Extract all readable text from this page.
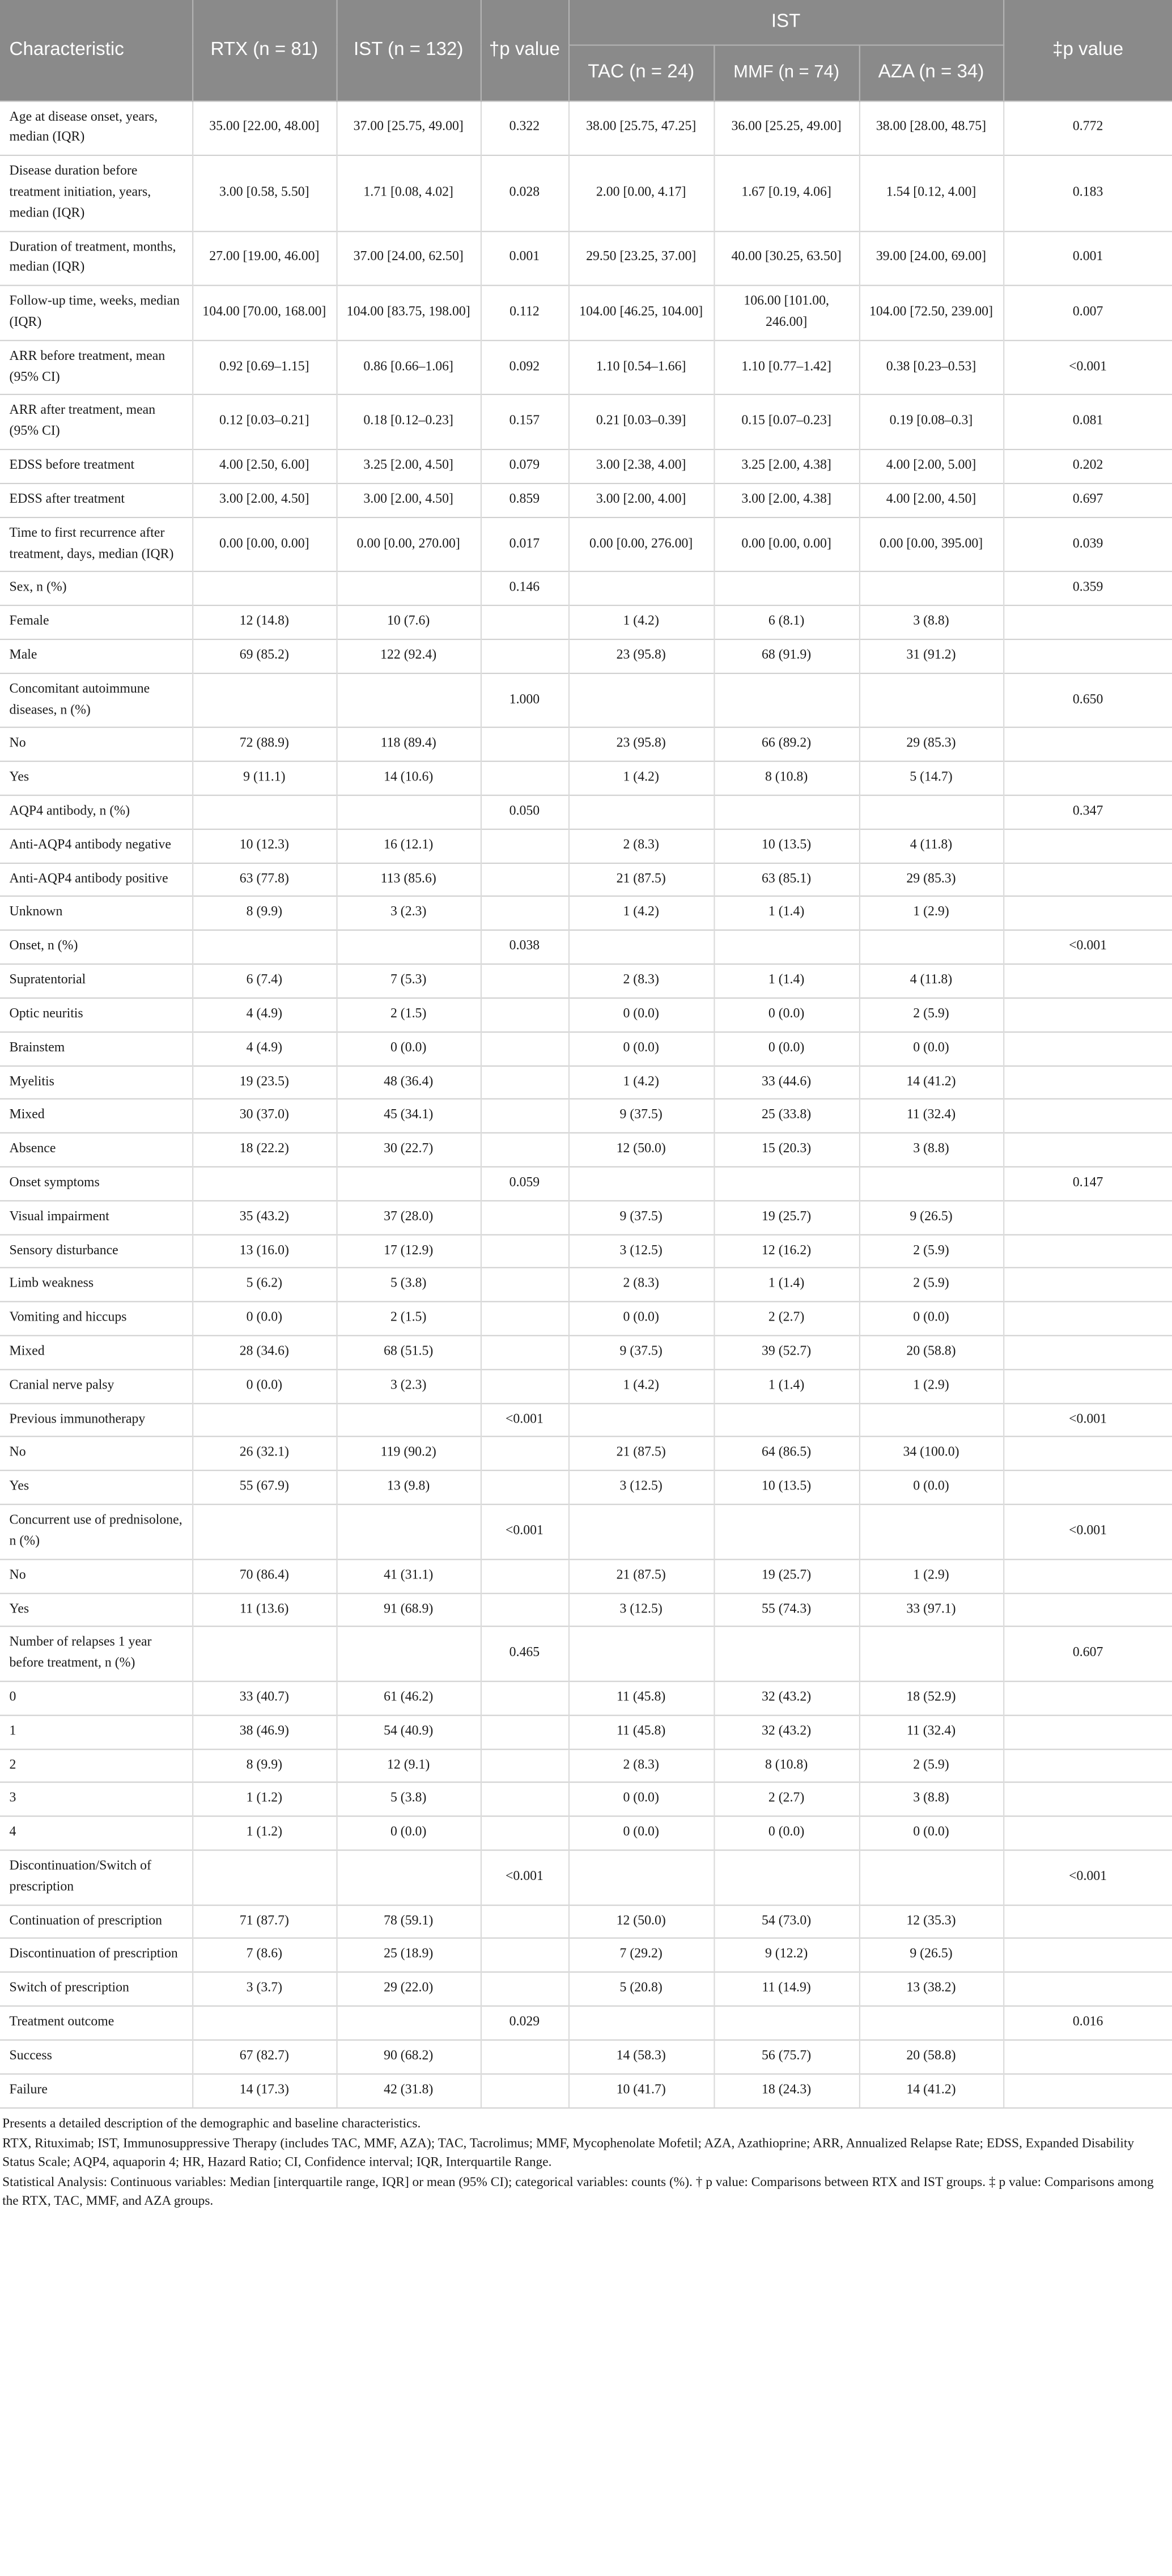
Characteristic	RTX (n = 81)	IST (n = 132)	†p value	IST			‡p value
				TAC (n = 24)	MMF (n = 74)	AZA (n = 34)	
Age at disease onset, years, median (IQR)	35.00 [22.00, 48.00]	37.00 [25.75, 49.00]	0.322	38.00 [25.75, 47.25]	36.00 [25.25, 49.00]	38.00 [28.00, 48.75]	0.772
Disease duration before treatment initiation, years, median (IQR)	3.00 [0.58, 5.50]	1.71 [0.08, 4.02]	0.028	2.00 [0.00, 4.17]	1.67 [0.19, 4.06]	1.54 [0.12, 4.00]	0.183
Duration of treatment, months, median (IQR)	27.00 [19.00, 46.00]	37.00 [24.00, 62.50]	0.001	29.50 [23.25, 37.00]	40.00 [30.25, 63.50]	39.00 [24.00, 69.00]	0.001
Follow-up time, weeks, median (IQR)	104.00 [70.00, 168.00]	104.00 [83.75, 198.00]	0.112	104.00 [46.25, 104.00]	106.00 [101.00, 246.00]	104.00 [72.50, 239.00]	0.007
ARR before treatment, mean (95% CI)	0.92 [0.69–1.15]	0.86 [0.66–1.06]	0.092	1.10 [0.54–1.66]	1.10 [0.77–1.42]	0.38 [0.23–0.53]	<0.001
ARR after treatment, mean (95% CI)	0.12 [0.03–0.21]	0.18 [0.12–0.23]	0.157	0.21 [0.03–0.39]	0.15 [0.07–0.23]	0.19 [0.08–0.3]	0.081
EDSS before treatment	4.00 [2.50, 6.00]	3.25 [2.00, 4.50]	0.079	3.00 [2.38, 4.00]	3.25 [2.00, 4.38]	4.00 [2.00, 5.00]	0.202
EDSS after treatment	3.00 [2.00, 4.50]	3.00 [2.00, 4.50]	0.859	3.00 [2.00, 4.00]	3.00 [2.00, 4.38]	4.00 [2.00, 4.50]	0.697
Time to first recurrence after treatment, days, median (IQR)	0.00 [0.00, 0.00]	0.00 [0.00, 270.00]	0.017	0.00 [0.00, 276.00]	0.00 [0.00, 0.00]	0.00 [0.00, 395.00]	0.039
Sex, n (%)			0.146				0.359
Female	12 (14.8)	10 (7.6)		1 (4.2)	6 (8.1)	3 (8.8)	
Male	69 (85.2)	122 (92.4)		23 (95.8)	68 (91.9)	31 (91.2)	
Concomitant autoimmune diseases, n (%)			1.000				0.650
No	72 (88.9)	118 (89.4)		23 (95.8)	66 (89.2)	29 (85.3)	
Yes	9 (11.1)	14 (10.6)		1 (4.2)	8 (10.8)	5 (14.7)	
AQP4 antibody, n (%)			0.050				0.347
Anti-AQP4 antibody negative	10 (12.3)	16 (12.1)		2 (8.3)	10 (13.5)	4 (11.8)	
Anti-AQP4 antibody positive	63 (77.8)	113 (85.6)		21 (87.5)	63 (85.1)	29 (85.3)	
Unknown	8 (9.9)	3 (2.3)		1 (4.2)	1 (1.4)	1 (2.9)	
Onset, n (%)			0.038				<0.001
Supratentorial	6 (7.4)	7 (5.3)		2 (8.3)	1 (1.4)	4 (11.8)	
Optic neuritis	4 (4.9)	2 (1.5)		0 (0.0)	0 (0.0)	2 (5.9)	
Brainstem	4 (4.9)	0 (0.0)		0 (0.0)	0 (0.0)	0 (0.0)	
Myelitis	19 (23.5)	48 (36.4)		1 (4.2)	33 (44.6)	14 (41.2)	
Mixed	30 (37.0)	45 (34.1)		9 (37.5)	25 (33.8)	11 (32.4)	
Absence	18 (22.2)	30 (22.7)		12 (50.0)	15 (20.3)	3 (8.8)	
Onset symptoms			0.059				0.147
Visual impairment	35 (43.2)	37 (28.0)		9 (37.5)	19 (25.7)	9 (26.5)	
Sensory disturbance	13 (16.0)	17 (12.9)		3 (12.5)	12 (16.2)	2 (5.9)	
Limb weakness	5 (6.2)	5 (3.8)		2 (8.3)	1 (1.4)	2 (5.9)	
Vomiting and hiccups	0 (0.0)	2 (1.5)		0 (0.0)	2 (2.7)	0 (0.0)	
Mixed	28 (34.6)	68 (51.5)		9 (37.5)	39 (52.7)	20 (58.8)	
Cranial nerve palsy	0 (0.0)	3 (2.3)		1 (4.2)	1 (1.4)	1 (2.9)	
Previous immunotherapy			<0.001				<0.001
No	26 (32.1)	119 (90.2)		21 (87.5)	64 (86.5)	34 (100.0)	
Yes	55 (67.9)	13 (9.8)		3 (12.5)	10 (13.5)	0 (0.0)	
Concurrent use of prednisolone, n (%)			<0.001				<0.001
No	70 (86.4)	41 (31.1)		21 (87.5)	19 (25.7)	1 (2.9)	
Yes	11 (13.6)	91 (68.9)		3 (12.5)	55 (74.3)	33 (97.1)	
Number of relapses 1 year before treatment, n (%)			0.465				0.607
0	33 (40.7)	61 (46.2)		11 (45.8)	32 (43.2)	18 (52.9)	
1	38 (46.9)	54 (40.9)		11 (45.8)	32 (43.2)	11 (32.4)	
2	8 (9.9)	12 (9.1)		2 (8.3)	8 (10.8)	2 (5.9)	
3	1 (1.2)	5 (3.8)		0 (0.0)	2 (2.7)	3 (8.8)	
4	1 (1.2)	0 (0.0)		0 (0.0)	0 (0.0)	0 (0.0)	
Discontinuation/Switch of prescription			<0.001				<0.001
Continuation of prescription	71 (87.7)	78 (59.1)		12 (50.0)	54 (73.0)	12 (35.3)	
Discontinuation of prescription	7 (8.6)	25 (18.9)		7 (29.2)	9 (12.2)	9 (26.5)	
Switch of prescription	3 (3.7)	29 (22.0)		5 (20.8)	11 (14.9)	13 (38.2)	
Treatment outcome			0.029				0.016
Success	67 (82.7)	90 (68.2)		14 (58.3)	56 (75.7)	20 (58.8)	
Failure	14 (17.3)	42 (31.8)		10 (41.7)	18 (24.3)	14 (41.2)	

Presents a detailed description of the demographic and baseline characteristics.

RTX, Rituximab; IST, Immunosuppressive Therapy (includes TAC, MMF, AZA); TAC, Tacrolimus; MMF, Mycophenolate Mofetil; AZA, Azathioprine; ARR, Annualized Relapse Rate; EDSS, Expanded Disability Status Scale; AQP4, aquaporin 4; HR, Hazard Ratio; CI, Confidence interval; IQR, Interquartile Range.

Statistical Analysis: Continuous variables: Median [interquartile range, IQR] or mean (95% CI); categorical variables: counts (%). † p value: Comparisons between RTX and IST groups. ‡ p value: Comparisons among the RTX, TAC, MMF, and AZA groups.
